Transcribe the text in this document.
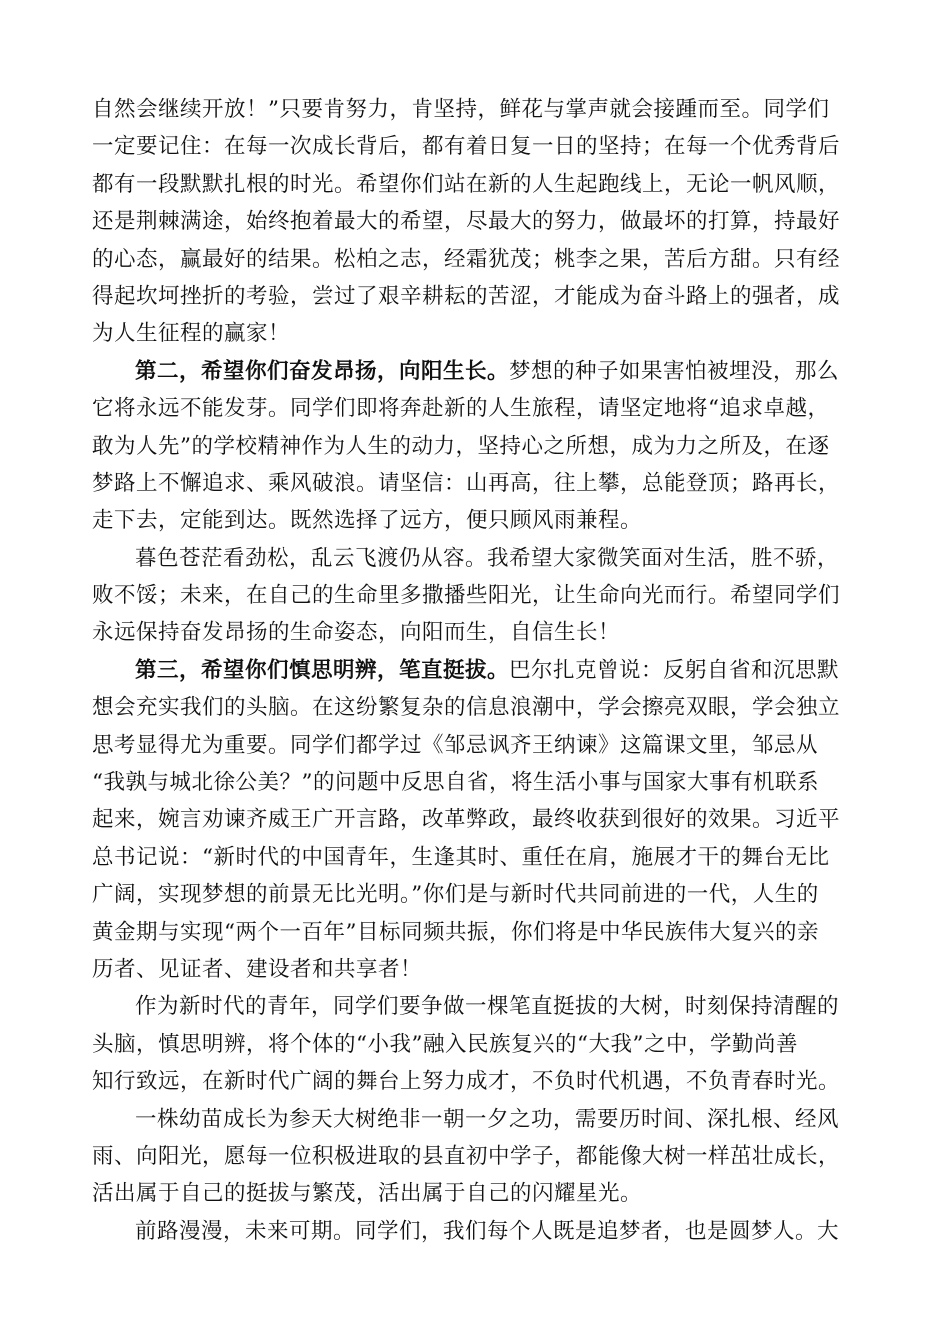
自然会继续开放！”只要肯努力，肯坚持，鲜花与掌声就会接踵而至。同学们
一定要记住：在每一次成长背后，都有着日复一日的坚持；在每一个优秀背后
都有一段默默扎根的时光。希望你们站在新的人生起跑线上，无论一帆风顺，
还是荆棘满途，始终抱着最大的希望，尽最大的努力，做最坏的打算，持最好
的心态，赢最好的结果。松柏之志，经霜犹茂；桃李之果，苦后方甜。只有经
得起坎坷挫折的考验，尝过了艰辛耕耘的苦涩，才能成为奋斗路上的强者，成
为人生征程的赢家！
第二，希望你们奋发昂扬，向阳生长。梦想的种子如果害怕被埋没，那么
它将永远不能发芽。同学们即将奔赴新的人生旅程，请坚定地将“追求卓越，
敢为人先”的学校精神作为人生的动力，坚持心之所想，成为力之所及，在逐
梦路上不懈追求、乘风破浪。请坚信：山再高，往上攀，总能登顶；路再长，
走下去，定能到达。既然选择了远方，便只顾风雨兼程。
暮色苍茫看劲松，乱云飞渡仍从容。我希望大家微笑面对生活，胜不骄，
败不馁；未来，在自己的生命里多撒播些阳光，让生命向光而行。希望同学们
永远保持奋发昂扬的生命姿态，向阳而生，自信生长！
第三，希望你们慎思明辨，笔直挺拔。巴尔扎克曾说：反躬自省和沉思默
想会充实我们的头脑。在这纷繁复杂的信息浪潮中，学会擦亮双眼，学会独立
思考显得尤为重要。同学们都学过《邹忌讽齐王纳谏》这篇课文里，邹忌从
“我孰与城北徐公美？”的问题中反思自省，将生活小事与国家大事有机联系
起来，婉言劝谏齐威王广开言路，改革弊政，最终收获到很好的效果。习近平
总书记说：“新时代的中国青年，生逢其时、重任在肩，施展才干的舞台无比
广阔，实现梦想的前景无比光明。”你们是与新时代共同前进的一代，人生的
黄金期与实现“两个一百年”目标同频共振，你们将是中华民族伟大复兴的亲
历者、见证者、建设者和共享者！
作为新时代的青年，同学们要争做一棵笔直挺拔的大树，时刻保持清醒的
头脑，慎思明辨，将个体的“小我”融入民族复兴的“大我”之中，学勤尚善
知行致远，在新时代广阔的舞台上努力成才，不负时代机遇，不负青春时光。
一株幼苗成长为参天大树绝非一朝一夕之功，需要历时间、深扎根、经风
雨、向阳光，愿每一位积极进取的县直初中学子，都能像大树一样茁壮成长，
活出属于自己的挺拔与繁茂，活出属于自己的闪耀星光。
前路漫漫，未来可期。同学们，我们每个人既是追梦者，也是圆梦人。大
